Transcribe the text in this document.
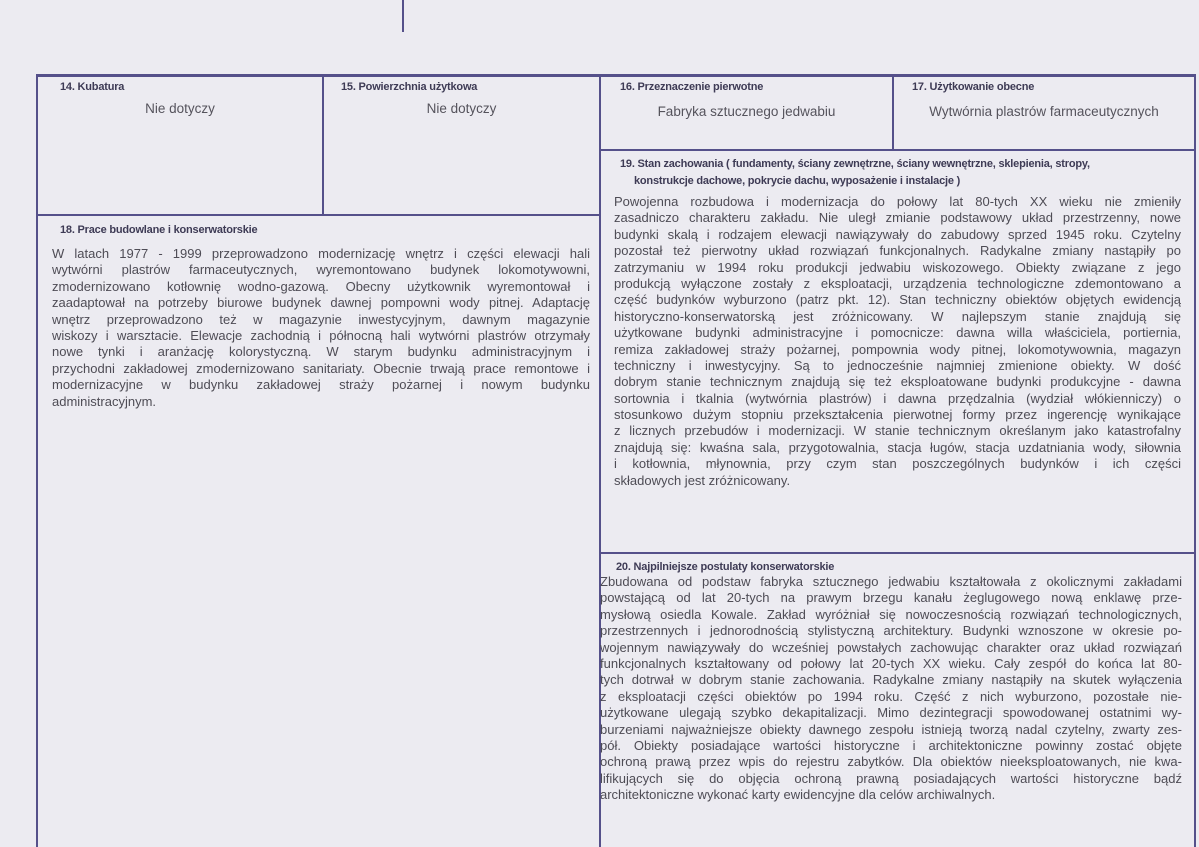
14. Kubatura
Nie dotyczy
15. Powierzchnia użytkowa
Nie dotyczy
16. Przeznaczenie pierwotne
Fabryka sztucznego jedwabiu
17. Użytkowanie obecne
Wytwórnia plastrów farmaceutycznych
18. Prace budowlane i konserwatorskie
W latach 1977 - 1999 przeprowadzono modernizację wnętrz i części elewacji hali
wytwórni plastrów farmaceutycznych, wyremontowano budynek lokomotywowni,
zmodernizowano kotłownię wodno-gazową. Obecny użytkownik wyremontował i
zaadaptował na potrzeby biurowe budynek dawnej pompowni wody pitnej. Adaptację
wnętrz przeprowadzono też w magazynie inwestycyjnym, dawnym magazynie
wiskozy i warsztacie. Elewacje zachodnią i północną hali wytwórni plastrów otrzymały
nowe tynki i aranżację kolorystyczną. W starym budynku administracyjnym i
przychodni zakładowej zmodernizowano sanitariaty. Obecnie trwają prace remontowe i
modernizacyjne w budynku zakładowej straży pożarnej i nowym budynku
administracyjnym.
19. Stan zachowania ( fundamenty, ściany zewnętrzne, ściany wewnętrzne, sklepienia, stropy,
konstrukcje dachowe, pokrycie dachu, wyposażenie i instalacje )
Powojenna rozbudowa i modernizacja do połowy lat 80-tych XX wieku nie zmieniły
zasadniczo charakteru zakładu. Nie uległ zmianie podstawowy układ przestrzenny, nowe
budynki skalą i rodzajem elewacji nawiązywały do zabudowy sprzed 1945 roku. Czytelny
pozostał też pierwotny układ rozwiązań funkcjonalnych. Radykalne zmiany nastąpiły po
zatrzymaniu w 1994 roku produkcji jedwabiu wiskozowego. Obiekty związane z jego
produkcją wyłączone zostały z eksploatacji, urządzenia technologiczne zdemontowano a
część budynków wyburzono (patrz pkt. 12). Stan techniczny obiektów objętych ewidencją
historyczno-konserwatorską jest zróżnicowany. W najlepszym stanie znajdują się
użytkowane budynki administracyjne i pomocnicze: dawna willa właściciela, portiernia,
remiza zakładowej straży pożarnej, pompownia wody pitnej, lokomotywownia, magazyn
techniczny i inwestycyjny. Są to jednocześnie najmniej zmienione obiekty. W dość
dobrym stanie technicznym znajdują się też eksploatowane budynki produkcyjne - dawna
sortownia i tkalnia (wytwórnia plastrów) i dawna przędzalnia (wydział włókienniczy) o
stosunkowo dużym stopniu przekształcenia pierwotnej formy przez ingerencję wynikające
z licznych przebudów i modernizacji. W stanie technicznym określanym jako katastrofalny
znajdują się: kwaśna sala, przygotowalnia, stacja ługów, stacja uzdatniania wody, siłownia
i kotłownia, młynownia, przy czym stan poszczególnych budynków i ich części
składowych jest zróżnicowany.
20. Najpilniejsze postulaty konserwatorskie
Zbudowana od podstaw fabryka sztucznego jedwabiu kształtowała z okolicznymi zakładami
powstającą od lat 20-tych na prawym brzegu kanału żeglugowego nową enklawę prze-
mysłową osiedla Kowale. Zakład wyróżniał się nowoczesnością rozwiązań technologicznych,
przestrzennych i jednorodnością stylistyczną architektury. Budynki wznoszone w okresie po-
wojennym nawiązywały do wcześniej powstałych zachowując charakter oraz układ rozwiązań
funkcjonalnych kształtowany od połowy lat 20-tych XX wieku. Cały zespół do końca lat 80-
tych dotrwał w dobrym stanie zachowania. Radykalne zmiany nastąpiły na skutek wyłączenia
z eksploatacji części obiektów po 1994 roku. Część z nich wyburzono, pozostałe nie-
użytkowane ulegają szybko dekapitalizacji. Mimo dezintegracji spowodowanej ostatnimi wy-
burzeniami najważniejsze obiekty dawnego zespołu istnieją tworzą nadal czytelny, zwarty zes-
pół. Obiekty posiadające wartości historyczne i architektoniczne powinny zostać objęte
ochroną prawą przez wpis do rejestru zabytków. Dla obiektów nieeksploatowanych, nie kwa-
lifikujących się do objęcia ochroną prawną posiadających wartości historyczne bądź
architektoniczne wykonać karty ewidencyjne dla celów archiwalnych.
